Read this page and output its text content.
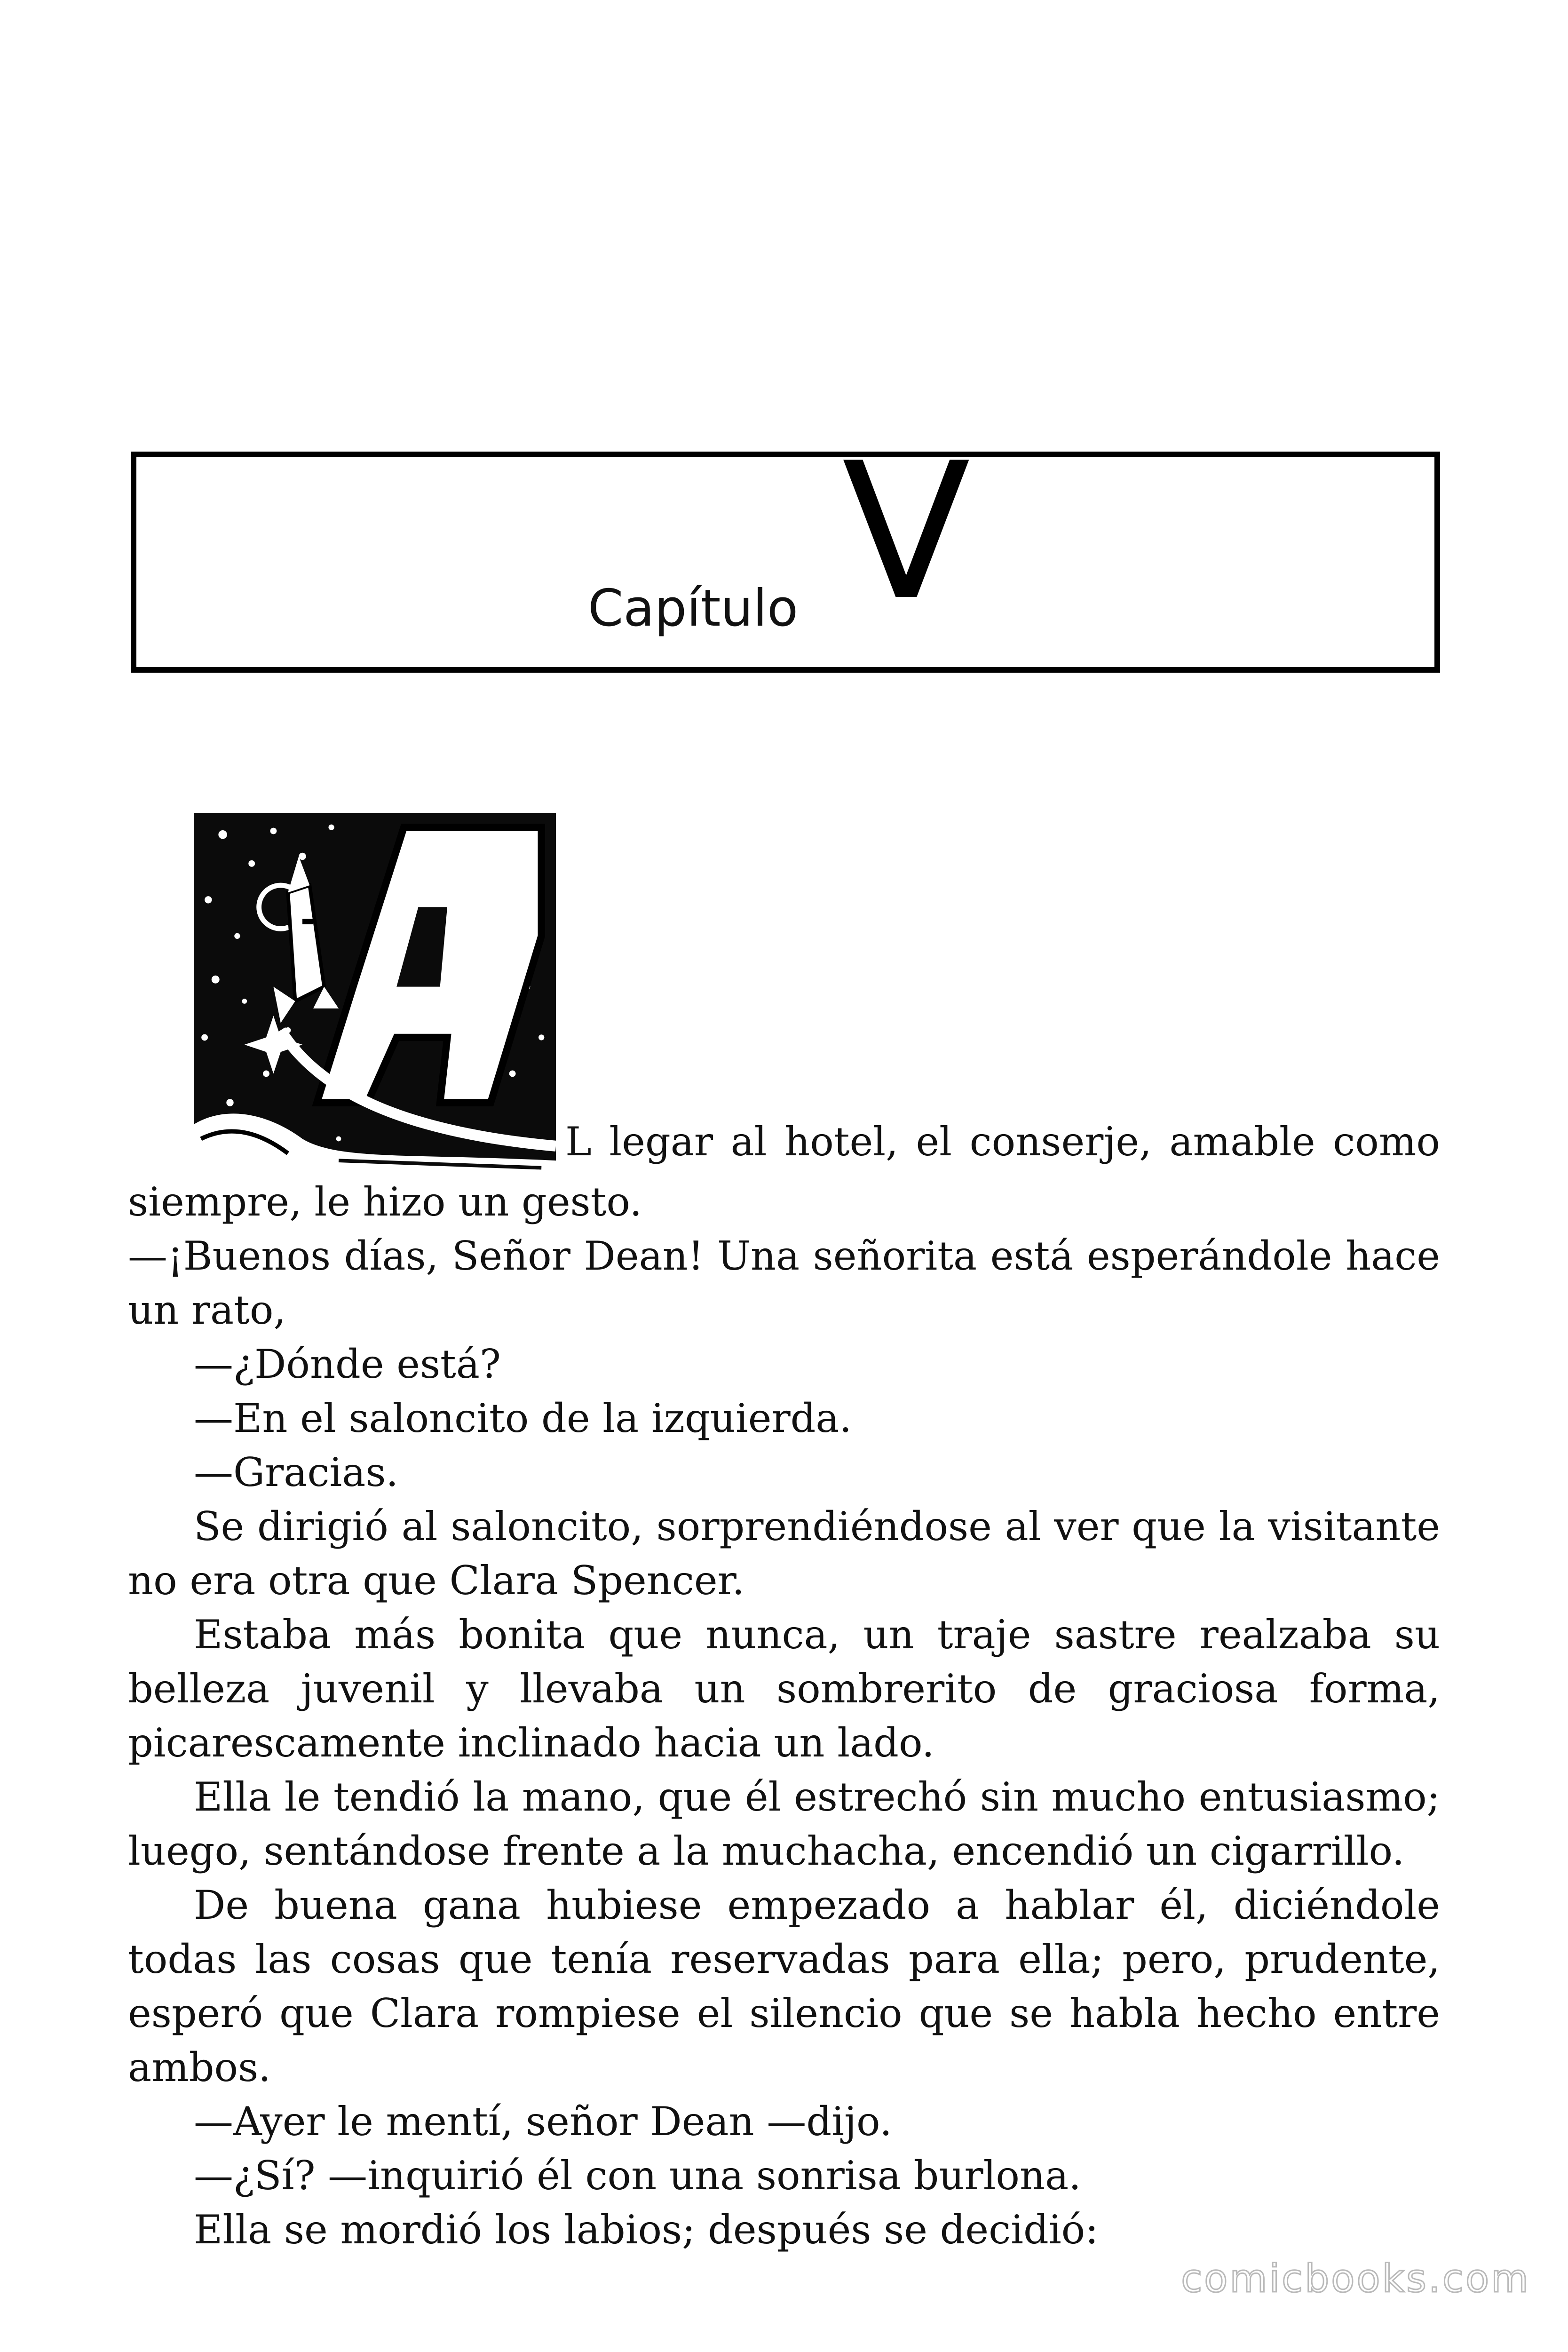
Capítulo V

L legar al hotel, el conserje, amable como

siempre, le hizo un gesto.

—¡Buenos días, Señor Dean! Una señorita está esperándole hace un rato,

—¿Dónde está?

—En el saloncito de la izquierda.

—Gracias.

Se dirigió al saloncito, sorprendiéndose al ver que la visitante no era otra que Clara Spencer.

Estaba más bonita que nunca, un traje sastre realzaba su belleza juvenil y llevaba un sombrerito de graciosa forma, picarescamente inclinado hacia un lado.

Ella le tendió la mano, que él estrechó sin mucho entusiasmo; luego, sentándose frente a la muchacha, encendió un cigarrillo.

De buena gana hubiese empezado a hablar él, diciéndole todas las cosas que tenía reservadas para ella; pero, prudente, esperó que Clara rompiese el silencio que se habla hecho entre ambos.

—Ayer le mentí, señor Dean —dijo.

—¿Sí? —inquirió él con una sonrisa burlona.

Ella se mordió los labios; después se decidió:

comicbooks.com
